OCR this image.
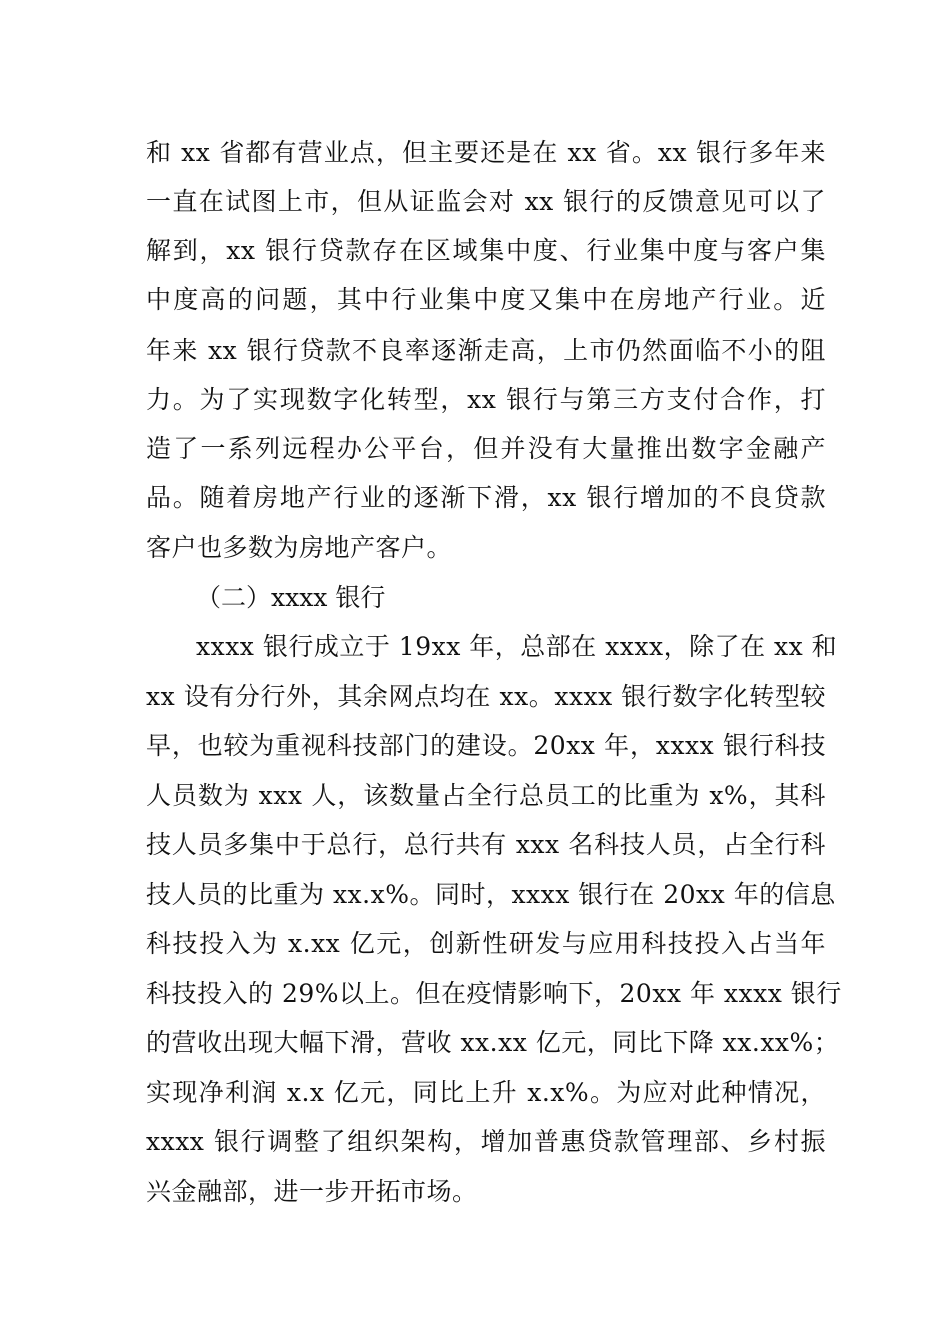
和 xx 省都有营业点，但主要还是在 xx 省。xx 银行多年来
一直在试图上市，但从证监会对 xx 银行的反馈意见可以了
解到，xx 银行贷款存在区域集中度、行业集中度与客户集
中度高的问题，其中行业集中度又集中在房地产行业。近
年来 xx 银行贷款不良率逐渐走高，上市仍然面临不小的阻
力。为了实现数字化转型，xx 银行与第三方支付合作，打
造了一系列远程办公平台，但并没有大量推出数字金融产
品。随着房地产行业的逐渐下滑，xx 银行增加的不良贷款
客户也多数为房地产客户。
（二）xxxx 银行
xxxx 银行成立于 19xx 年，总部在 xxxx，除了在 xx 和
xx 设有分行外，其余网点均在 xx。xxxx 银行数字化转型较
早，也较为重视科技部门的建设。20xx 年，xxxx 银行科技
人员数为 xxx 人，该数量占全行总员工的比重为 x%，其科
技人员多集中于总行，总行共有 xxx 名科技人员，占全行科
技人员的比重为 xx.x%。同时，xxxx 银行在 20xx 年的信息
科技投入为 x.xx 亿元，创新性研发与应用科技投入占当年
科技投入的 29%以上。但在疫情影响下，20xx 年 xxxx 银行
的营收出现大幅下滑，营收 xx.xx 亿元，同比下降 xx.xx%；
实现净利润 x.x 亿元，同比上升 x.x%。为应对此种情况，
xxxx 银行调整了组织架构，增加普惠贷款管理部、乡村振
兴金融部，进一步开拓市场。
